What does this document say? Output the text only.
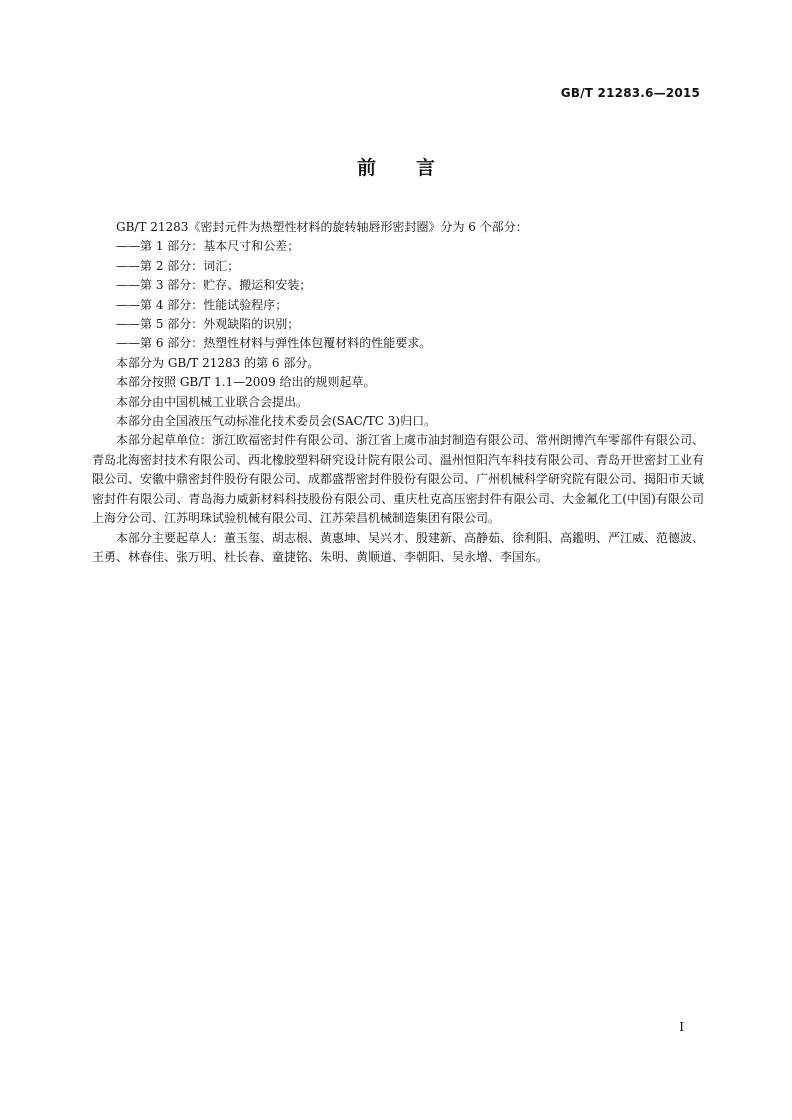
GB/T 21283.6—2015
前 言

GB/T 21283《密封元件为热塑性材料的旋转轴唇形密封圈》分为 6 个部分：

——第 1 部分：基本尺寸和公差；

——第 2 部分：词汇；

——第 3 部分：贮存、搬运和安装；

——第 4 部分：性能试验程序；

——第 5 部分：外观缺陷的识别；

——第 6 部分：热塑性材料与弹性体包覆材料的性能要求。

本部分为 GB/T 21283 的第 6 部分。

本部分按照 GB/T 1.1—2009 给出的规则起草。

本部分由中国机械工业联合会提出。

本部分由全国液压气动标准化技术委员会(SAC/TC 3)归口。

本部分起草单位：浙江欧福密封件有限公司、浙江省上虞市油封制造有限公司、常州朗博汽车零部件有限公司、青岛北海密封技术有限公司、西北橡胶塑料研究设计院有限公司、温州恒阳汽车科技有限公司、青岛开世密封工业有限公司、安徽中鼎密封件股份有限公司、成都盛帮密封件股份有限公司、广州机械科学研究院有限公司、揭阳市天诚密封件有限公司、青岛海力威新材料科技股份有限公司、重庆杜克高压密封件有限公司、大金氟化工(中国)有限公司上海分公司、江苏明珠试验机械有限公司、江苏荣昌机械制造集团有限公司。

本部分主要起草人：董玉玺、胡志根、黄惠坤、吴兴才、殷建新、高静茹、徐利阳、高鑑明、严江威、范德波、王勇、林春佳、张万明、杜长春、童捷铭、朱明、黄顺道、李朝阳、吴永增、李国东。

I
